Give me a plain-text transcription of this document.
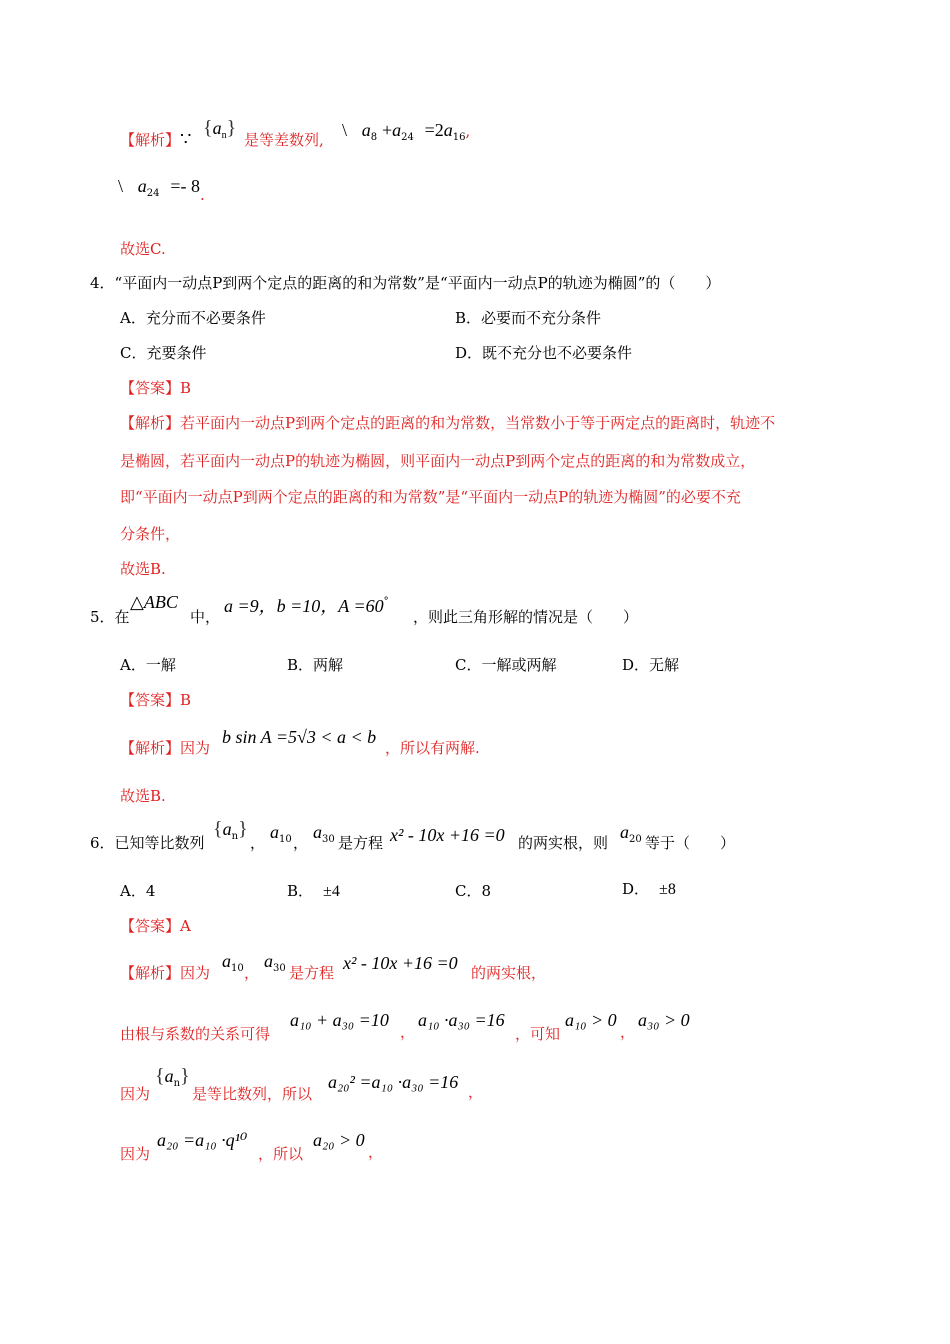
【解析】∵
$\{a_n\}$
是等差数列, \ $a_8 +a_{24} =2a_{16}$,
\ $a_{24} =- 8$.
故选C.
4．“平面内一动点P到两个定点的距离的和为常数”是“平面内一动点P的轨迹为椭圆”的（　　）
A．充分而不必要条件	B．必要而不充分条件
C．充要条件	D．既不充分也不必要条件
【答案】B
【解析】若平面内一动点P到两个定点的距离的和为常数，当常数小于等于两定点的距离时，轨迹不
是椭圆，若平面内一动点P的轨迹为椭圆，则平面内一动点P到两个定点的距离的和为常数成立，
即“平面内一动点P到两个定点的距离的和为常数”是“平面内一动点P的轨迹为椭圆”的必要不充
分条件，
故选B.
5．在
△ABC
中，
a =9，b =10，A =60°
，则此三角形解的情况是（　　）
A．一解	B．两解	C．一解或两解	D．无解
【答案】B
【解析】因为
b sin A =5√3 < a < b
，所以有两解.
故选B.
6．已知等比数列
$\{a_n\}$
，
$a_{10}$ ，
$a_{30}$ 是方程 x² - 10x +16 =0 的两实根，则
$a_{20}$ 等于（　　）
A．4	B． ±4	C．8	D． ±8
【答案】A
【解析】因为
$a_{10}$ ，
$a_{30}$ 是方程 x² - 10x +16 =0 的两实根，
由根与系数的关系可得
a₁₀ + a₃₀ =10
，
a₁₀ ·a₃₀ =16
，可知
a₁₀ > 0
，
a₃₀ > 0
因为
$\{a_n\}$
是等比数列，所以
a₂₀² =a₁₀ ·a₃₀ =16 ，
因为
a₂₀ =a₁₀ ·q¹⁰
，所以
a₂₀ > 0
，
